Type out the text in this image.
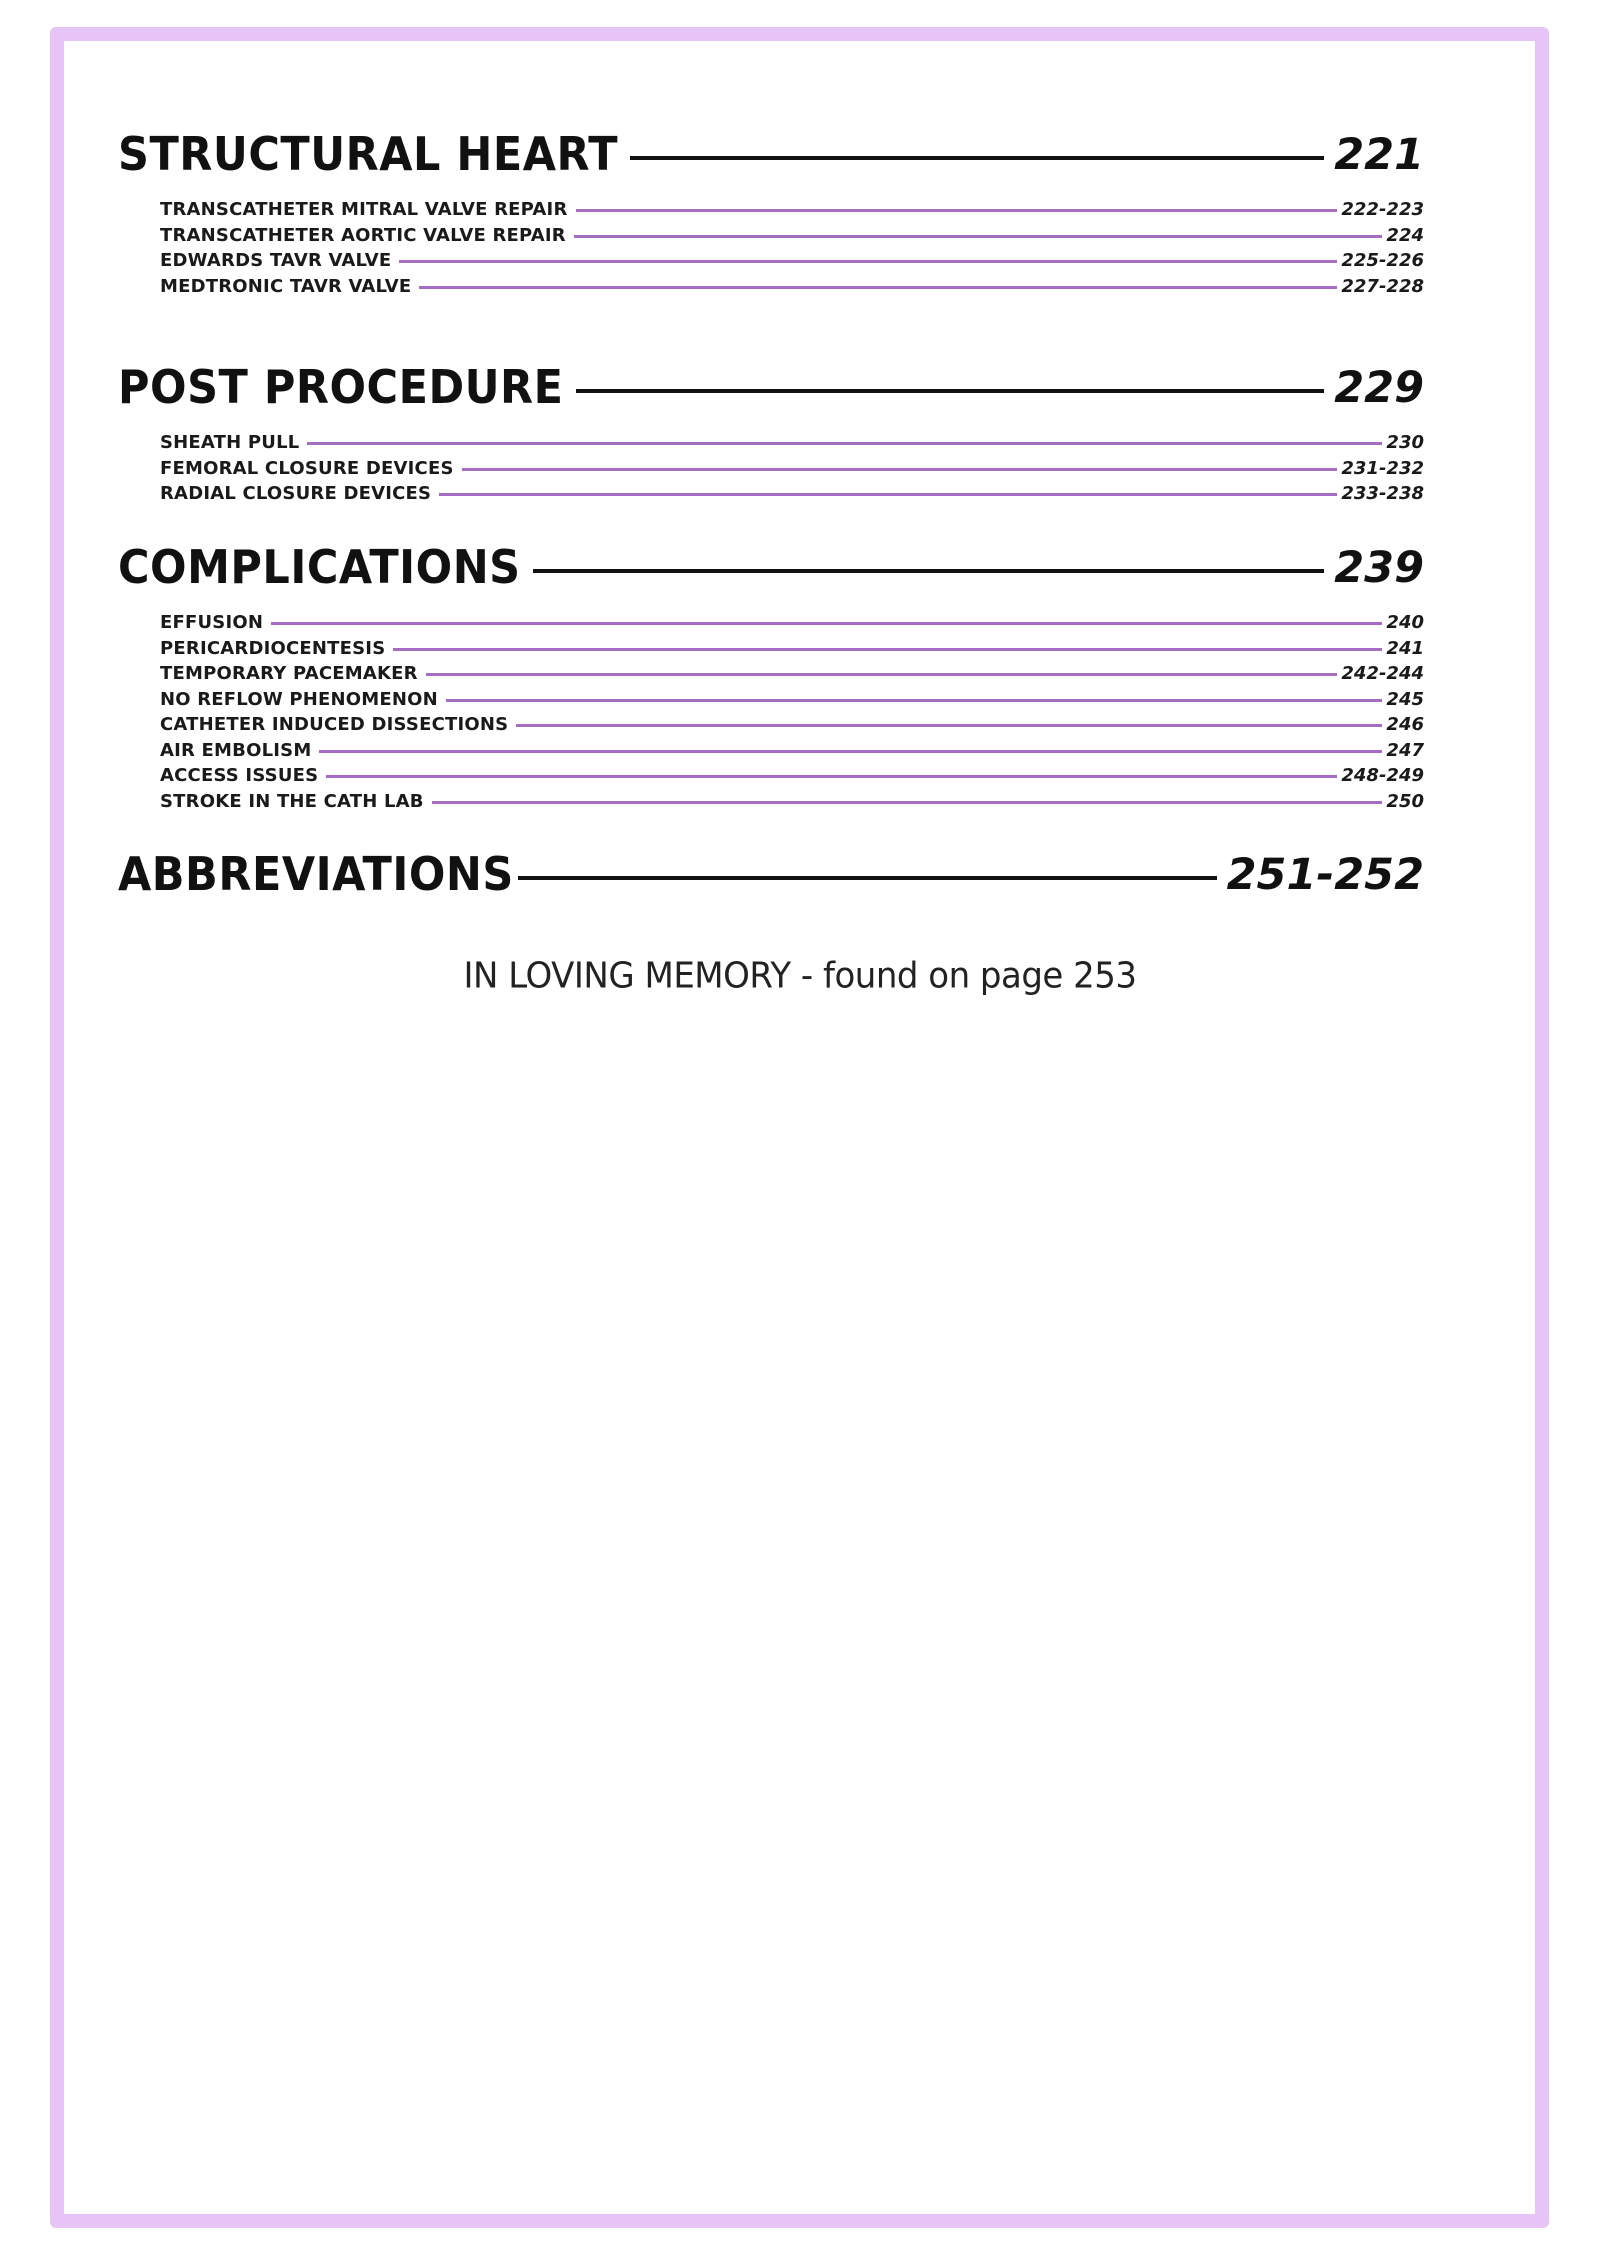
STRUCTURAL HEART	221
TRANSCATHETER MITRAL VALVE REPAIR	222-223
TRANSCATHETER AORTIC VALVE REPAIR	224
EDWARDS TAVR VALVE	225-226
MEDTRONIC TAVR VALVE	227-228
POST PROCEDURE	229
SHEATH PULL	230
FEMORAL CLOSURE DEVICES	231-232
RADIAL CLOSURE DEVICES	233-238
COMPLICATIONS	239
EFFUSION	240
PERICARDIOCENTESIS	241
TEMPORARY PACEMAKER	242-244
NO REFLOW PHENOMENON	245
CATHETER INDUCED DISSECTIONS	246
AIR EMBOLISM	247
ACCESS ISSUES	248-249
STROKE IN THE CATH LAB	250
ABBREVIATIONS	251-252
IN LOVING MEMORY - found on page 253
